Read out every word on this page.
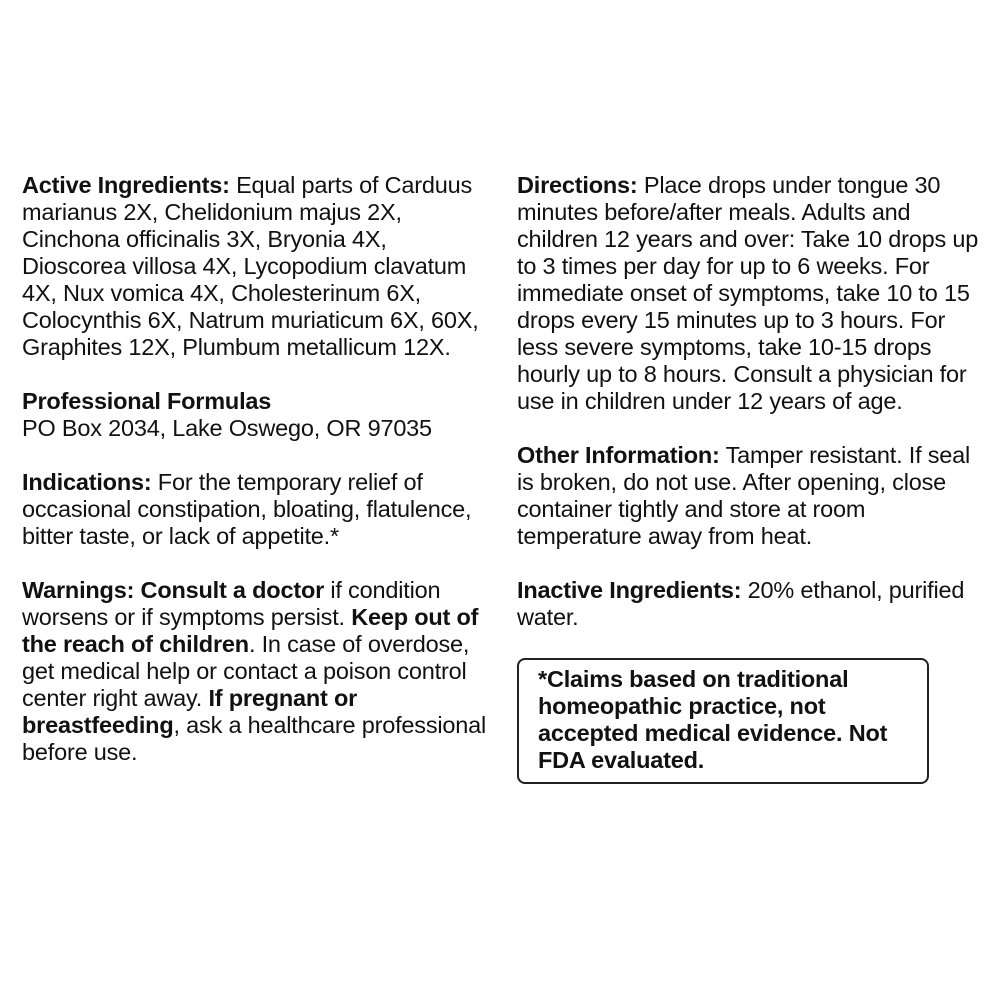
Active Ingredients: Equal parts of Carduus marianus 2X, Chelidonium majus 2X, Cinchona officinalis 3X, Bryonia 4X, Dioscorea villosa 4X, Lycopodium clavatum 4X, Nux vomica 4X, Cholesterinum 6X, Colocynthis 6X, Natrum muriaticum 6X, 60X, Graphites 12X, Plumbum metallicum 12X.

Professional Formulas
PO Box 2034, Lake Oswego, OR 97035

Indications: For the temporary relief of occasional constipation, bloating, flatulence, bitter taste, or lack of appetite.*

Warnings: Consult a doctor if condition worsens or if symptoms persist. Keep out of the reach of children. In case of overdose, get medical help or contact a poison control center right away. If pregnant or breastfeeding, ask a healthcare professional before use.

Directions: Place drops under tongue 30 minutes before/after meals. Adults and children 12 years and over: Take 10 drops up to 3 times per day for up to 6 weeks. For immediate onset of symptoms, take 10 to 15 drops every 15 minutes up to 3 hours. For less severe symptoms, take 10-15 drops hourly up to 8 hours. Consult a physician for use in children under 12 years of age.

Other Information: Tamper resistant. If seal is broken, do not use. After opening, close container tightly and store at room temperature away from heat.

Inactive Ingredients: 20% ethanol, purified water.

*Claims based on traditional homeopathic practice, not accepted medical evidence. Not FDA evaluated.
